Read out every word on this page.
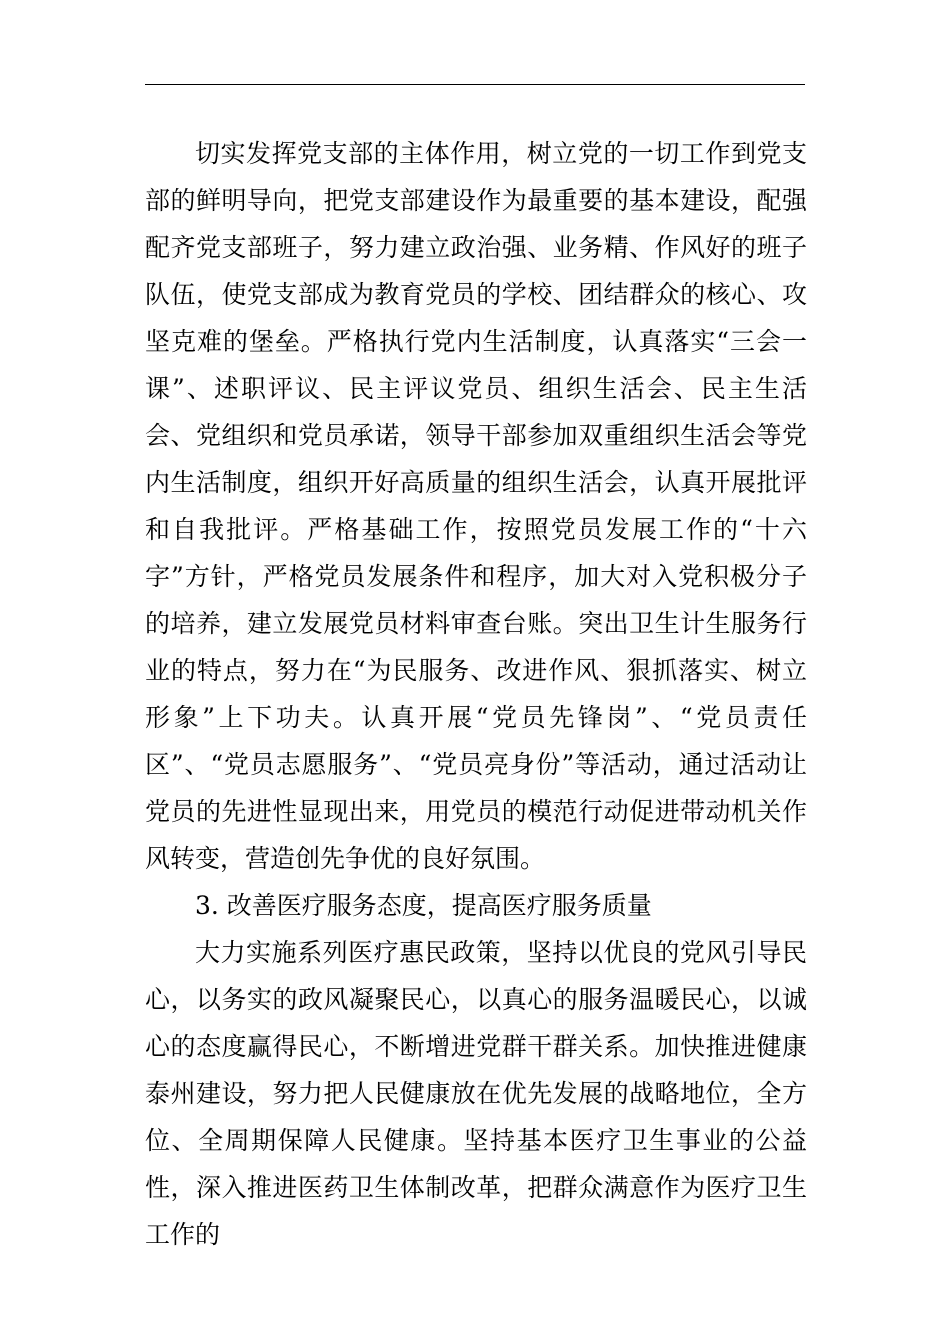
切实发挥党支部的主体作用，树立党的一切工作到党支部的鲜明导向，把党支部建设作为最重要的基本建设，配强配齐党支部班子，努力建立政治强、业务精、作风好的班子队伍，使党支部成为教育党员的学校、团结群众的核心、攻坚克难的堡垒。严格执行党内生活制度，认真落实“三会一课”、述职评议、民主评议党员、组织生活会、民主生活会、党组织和党员承诺，领导干部参加双重组织生活会等党内生活制度，组织开好高质量的组织生活会，认真开展批评和自我批评。严格基础工作，按照党员发展工作的“十六字”方针，严格党员发展条件和程序，加大对入党积极分子的培养，建立发展党员材料审查台账。突出卫生计生服务行业的特点，努力在“为民服务、改进作风、狠抓落实、树立形象”上下功夫。认真开展“党员先锋岗”、“党员责任区”、“党员志愿服务”、“党员亮身份”等活动，通过活动让党员的先进性显现出来，用党员的模范行动促进带动机关作风转变，营造创先争优的良好氛围。

3. 改善医疗服务态度，提高医疗服务质量

大力实施系列医疗惠民政策，坚持以优良的党风引导民心，以务实的政风凝聚民心，以真心的服务温暖民心，以诚心的态度赢得民心，不断增进党群干群关系。加快推进健康泰州建设，努力把人民健康放在优先发展的战略地位，全方位、全周期保障人民健康。坚持基本医疗卫生事业的公益性，深入推进医药卫生体制改革，把群众满意作为医疗卫生工作的
